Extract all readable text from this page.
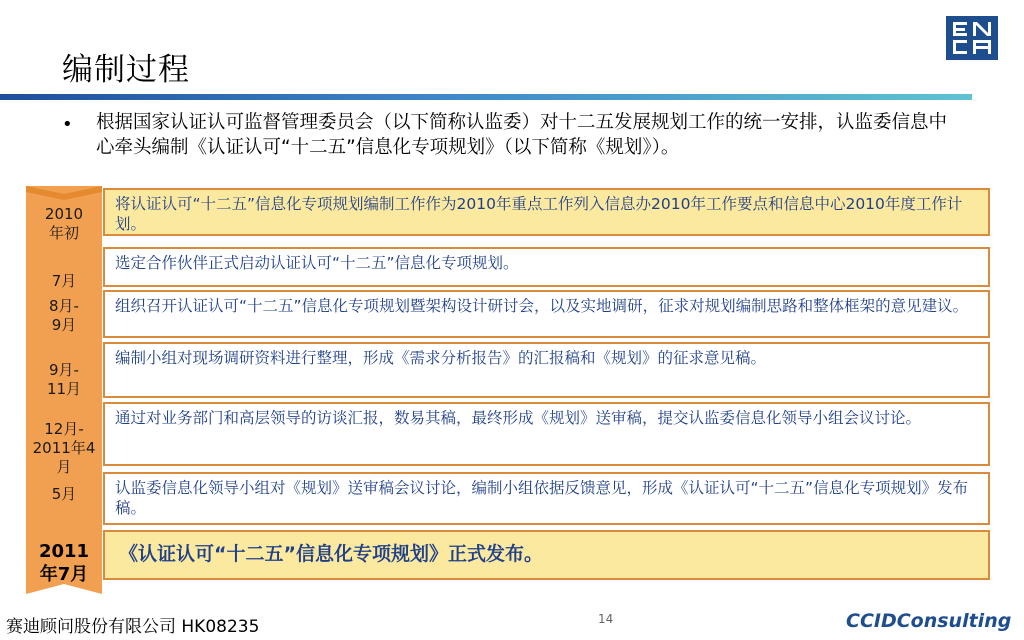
编制过程
• 根据国家认证认可监督管理委员会（以下简称认监委）对十二五发展规划工作的统一安排，认监委信息中心牵头编制《认证认可“十二五”信息化专项规划》（以下简称《规划》）。
2010
年初
7月
8月-
9月
9月-
11月
12月-
2011年4
月
5月
2011
年7月
将认证认可“十二五”信息化专项规划编制工作作为2010年重点工作列入信息办2010年工作要点和信息中心2010年度工作计划。
选定合作伙伴正式启动认证认可“十二五”信息化专项规划。
组织召开认证认可“十二五”信息化专项规划暨架构设计研讨会，以及实地调研，征求对规划编制思路和整体框架的意见建议。
编制小组对现场调研资料进行整理，形成《需求分析报告》的汇报稿和《规划》的征求意见稿。
通过对业务部门和高层领导的访谈汇报，数易其稿，最终形成《规划》送审稿，提交认监委信息化领导小组会议讨论。
认监委信息化领导小组对《规划》送审稿会议讨论，编制小组依据反馈意见，形成《认证认可“十二五”信息化专项规划》发布稿。
《认证认可“十二五”信息化专项规划》正式发布。
赛迪顾问股份有限公司 HK08235	14	CCIDConsulting
